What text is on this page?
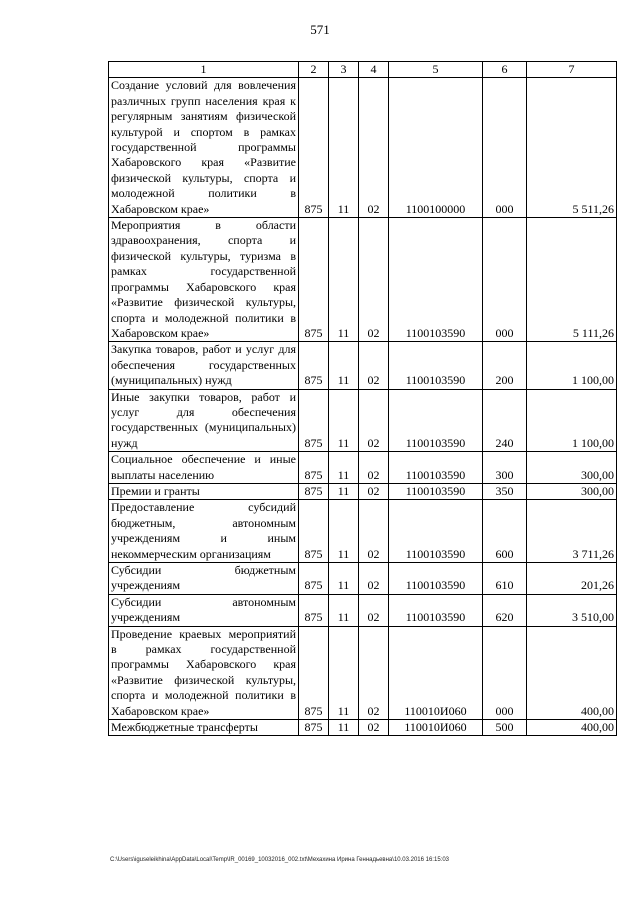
571
1	2	3	4	5	6	7
Создание условий для вовлечения различных групп населения края к регулярным занятиям физической культурой и спортом в рамках государственной программы Хабаровского края «Развитие физической культуры, спорта и молодежной политики в Хабаровском крае»	875	11	02	1100100000	000	5 511,26
Мероприятия в области здравоохранения, спорта и физической культуры, туризма в рамках государственной программы Хабаровского края «Развитие физической культуры, спорта и молодежной политики в Хабаровском крае»	875	11	02	1100103590	000	5 111,26
Закупка товаров, работ и услуг для обеспечения государственных (муниципальных) нужд	875	11	02	1100103590	200	1 100,00
Иные закупки товаров, работ и услуг для обеспечения государственных (муниципальных) нужд	875	11	02	1100103590	240	1 100,00
Социальное обеспечение и иные выплаты населению	875	11	02	1100103590	300	300,00
Премии и гранты	875	11	02	1100103590	350	300,00
Предоставление субсидий бюджетным, автономным учреждениям и иным некоммерческим организациям	875	11	02	1100103590	600	3 711,26
Субсидии бюджетным учреждениям	875	11	02	1100103590	610	201,26
Субсидии автономным учреждениям	875	11	02	1100103590	620	3 510,00
Проведение краевых мероприятий в рамках государственной программы Хабаровского края «Развитие физической культуры, спорта и молодежной политики в Хабаровском крае»	875	11	02	110010И060	000	400,00
Межбюджетные трансферты	875	11	02	110010И060	500	400,00
C:\Users\iguseleikhina\AppData\Local\Temp\IR_00169_10032016_002.txt\Мехахина Ирина Геннадьевна\10.03.2016 16:15:03
